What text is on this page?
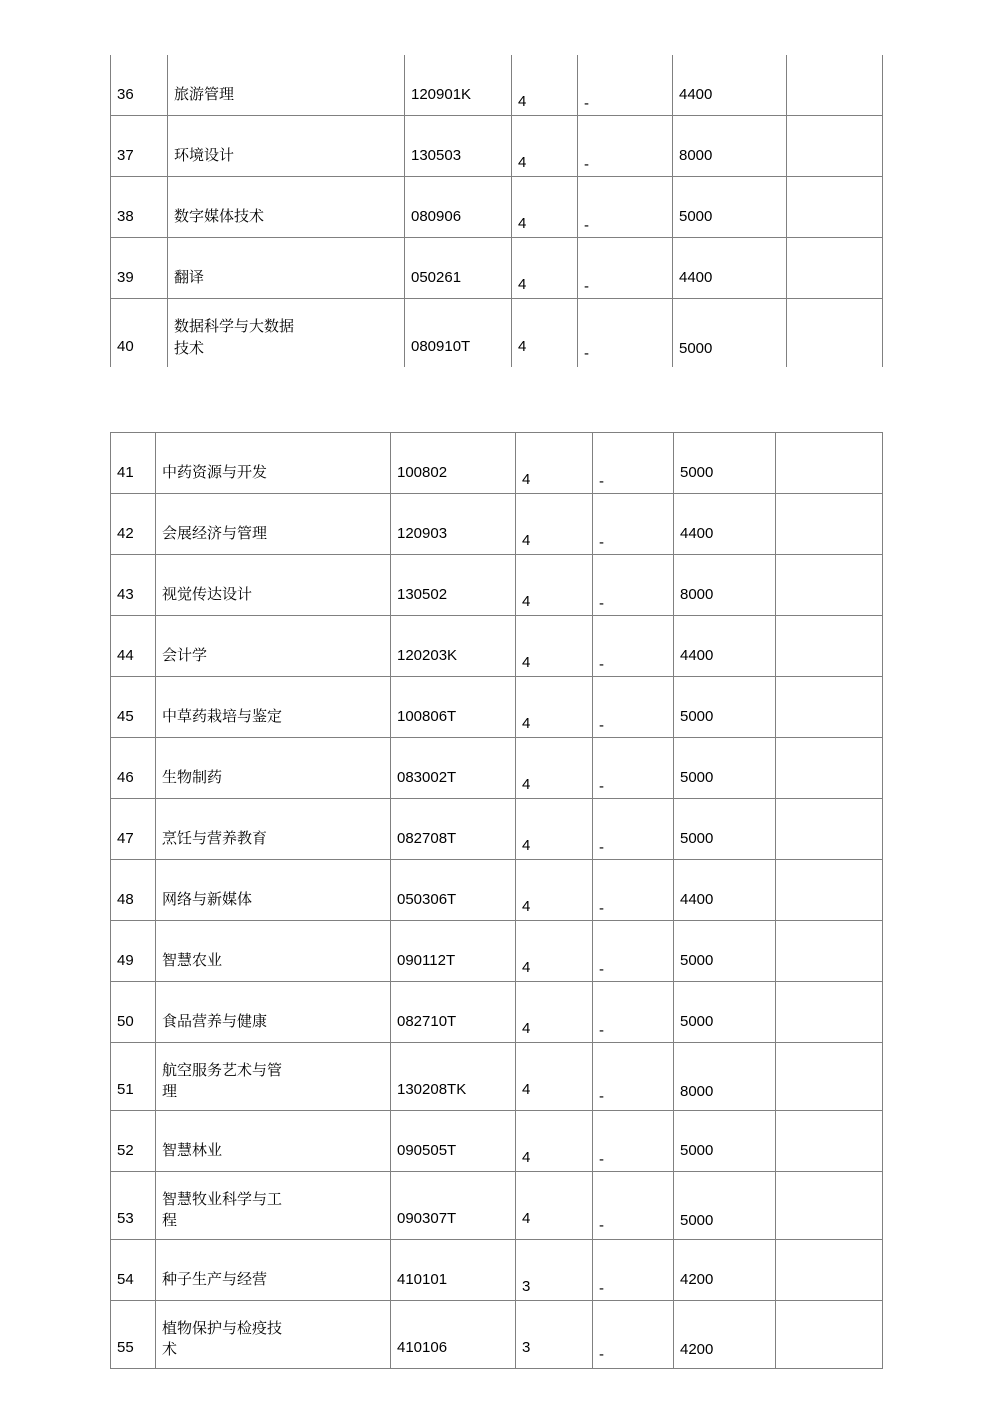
36	旅游管理	120901K	4	-	4400	

37	环境设计	130503	4	-	8000	

38	数字媒体技术	080906	4	-	5000	

39	翻译	050261	4	-	4400	

40	数据科学与大数据
技术	080910T	4	-	5000	

41	中药资源与开发	100802	4	-	5000	

42	会展经济与管理	120903	4	-	4400	

43	视觉传达设计	130502	4	-	8000	

44	会计学	120203K	4	-	4400	

45	中草药栽培与鉴定	100806T	4	-	5000	

46	生物制药	083002T	4	-	5000	

47	烹饪与营养教育	082708T	4	-	5000	

48	网络与新媒体	050306T	4	-	4400	

49	智慧农业	090112T	4	-	5000	

50	食品营养与健康	082710T	4	-	5000	

51	航空服务艺术与管
理	130208TK	4	-	8000	

52	智慧林业	090505T	4	-	5000	

53	智慧牧业科学与工
程	090307T	4	-	5000	

54	种子生产与经营	410101	3	-	4200	

55	植物保护与检疫技
术	410106	3	-	4200	
